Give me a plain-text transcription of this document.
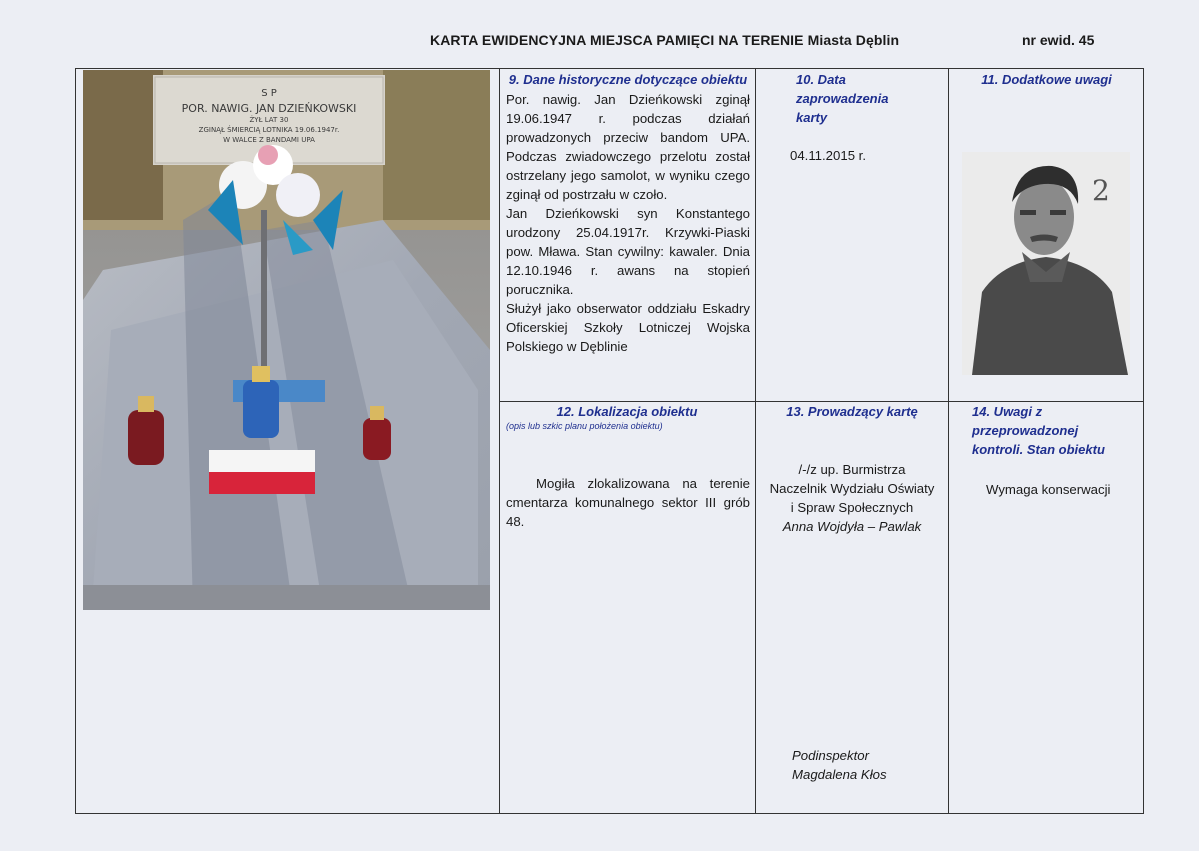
KARTA EWIDENCYJNA MIEJSCA PAMIĘCI NA TERENIE Miasta Dęblin	nr ewid. 45
S P
POR. NAWIG. JAN DZIEŃKOWSKI
ŻYŁ LAT 30
ZGINĄŁ ŚMIERCIĄ LOTNIKA 19.06.1947r.
W WALCE Z BANDAMI UPA
9. Dane historyczne dotyczące obiektu

Por. nawig. Jan Dzieńkowski zginął 19.06.1947 r. podczas działań prowadzonych przeciw bandom UPA. Podczas zwiadowczego przelotu został ostrzelany jego samolot, w wyniku czego zginął od postrzału w czoło.

Jan Dzieńkowski syn Konstantego urodzony 25.04.1917r. Krzywki-Piaski pow. Mława. Stan cywilny: kawaler. Dnia 12.10.1946 r. awans na stopień porucznika.

Służył jako obserwator oddziału Eskadry Oficerskiej Szkoły Lotniczej Wojska Polskiego w Dęblinie

10. Data zaprowadzenia karty
04.11.2015 r.
11. Dodatkowe uwagi
2
12. Lokalizacja obiektu
(opis lub szkic planu położenia obiektu)
Mogiła zlokalizowana na terenie cmentarza komunalnego sektor III grób 48.
13. Prowadzący kartę

/-/z up. Burmistrza

Naczelnik Wydziału Oświaty

i Spraw Społecznych

Anna Wojdyła – Pawlak

Podinspektor

Magdalena Kłos

14. Uwagi z przeprowadzonej kontroli. Stan obiektu
Wymaga konserwacji
